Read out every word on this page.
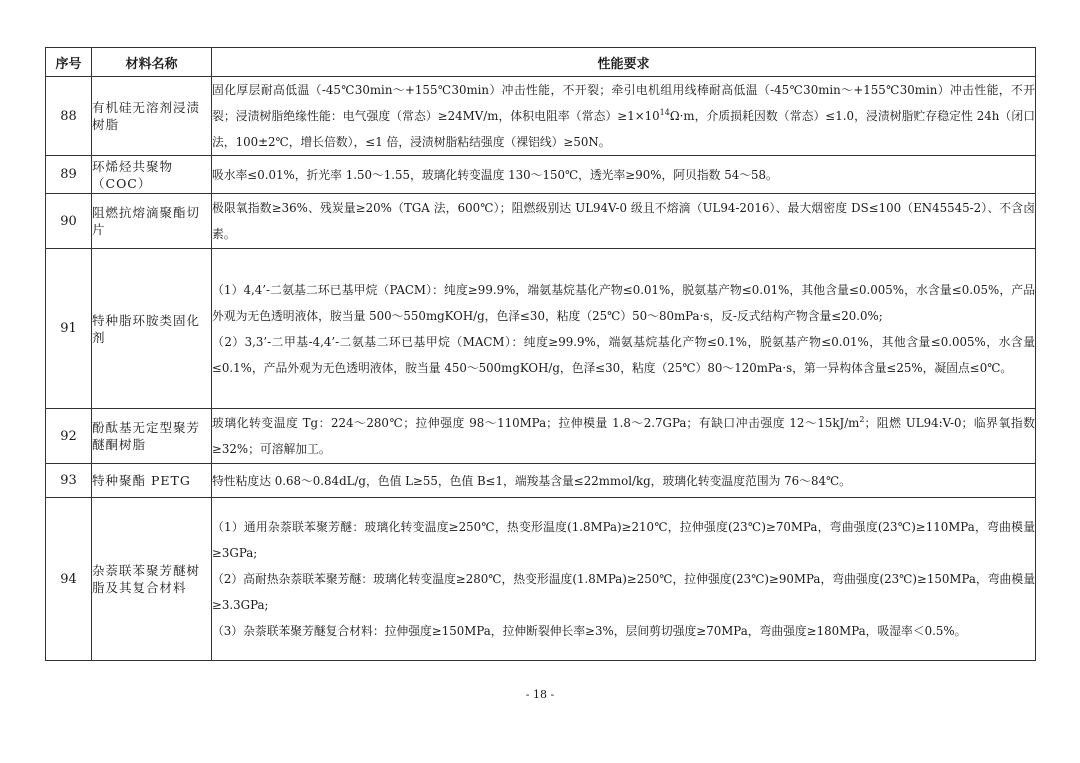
序号	材料名称	性能要求
88	有机硅无溶剂浸渍树脂	固化厚层耐高低温（-45℃30min～+155℃30min）冲击性能，不开裂；牵引电机组用线棒耐高低温（-45℃30min～+155℃30min）冲击性能，不开裂；浸渍树脂绝缘性能：电气强度（常态）≥24MV/m，体积电阻率（常态）$\ge 1\times 10^{14}\Omega\cdot m$，介质损耗因数（常态）≤1.0，浸渍树脂贮存稳定性 24h（闭口法，100±2℃，增长倍数），≤1 倍，浸渍树脂粘结强度（裸铝线）≥50N。
89	环烯烃共聚物（COC）	吸水率≤0.01%，折光率 1.50～1.55，玻璃化转变温度 130～150℃，透光率≥90%，阿贝指数 54～58。
90	阻燃抗熔滴聚酯切片	极限氧指数≥36%、残炭量≥20%（TGA 法，600℃）；阻燃级别达 UL94V-0 级且不熔滴（UL94-2016）、最大烟密度 DS≤100（EN45545-2）、不含卤素。
91	特种脂环胺类固化剂	（1）4,4’-二氨基二环已基甲烷（PACM）：纯度≥99.9%，端氨基烷基化产物≤0.01%，脱氨基产物≤0.01%，其他含量≤0.005%，水含量≤0.05%，产品外观为无色透明液体，胺当量 500～550mgKOH/g，色泽≤30，粘度（25℃）50～80mPa·s，反-反式结构产物含量≤20.0%;
（2）3,3’-二甲基-4,4’-二氨基二环已基甲烷（MACM）：纯度≥99.9%，端氨基烷基化产物≤0.1%，脱氨基产物≤0.01%，其他含量≤0.005%，水含量≤0.1%，产品外观为无色透明液体，胺当量 450～500mgKOH/g，色泽≤30，粘度（25℃）80～120mPa·s，第一异构体含量≤25%，凝固点≤0℃。

92	酚酞基无定型聚芳醚酮树脂	玻璃化转变温度 Tg：224～280℃；拉伸强度 98～110MPa；拉伸模量 1.8～2.7GPa；有缺口冲击强度 $12\sim 15kJ/m^2$；阻燃 UL94:V-0；临界氧指数≥32%；可溶解加工。
93	特种聚酯 PETG	特性粘度达 0.68～0.84dL/g，色值 L≥55，色值 B≤1，端羧基含量≤22mmol/kg，玻璃化转变温度范围为 76～84℃。
94	杂萘联苯聚芳醚树脂及其复合材料	（1）通用杂萘联苯聚芳醚：玻璃化转变温度≥250℃，热变形温度(1.8MPa)≥210℃，拉伸强度(23℃)≥70MPa，弯曲强度(23℃)≥110MPa，弯曲模量≥3GPa;
（2）高耐热杂萘联苯聚芳醚：玻璃化转变温度≥280℃，热变形温度(1.8MPa)≥250℃，拉伸强度(23℃)≥90MPa，弯曲强度(23℃)≥150MPa，弯曲模量≥3.3GPa;
（3）杂萘联苯聚芳醚复合材料：拉伸强度≥150MPa，拉伸断裂伸长率≥3%，层间剪切强度≥70MPa，弯曲强度≥180MPa，吸湿率＜0.5%。
- 18 -
